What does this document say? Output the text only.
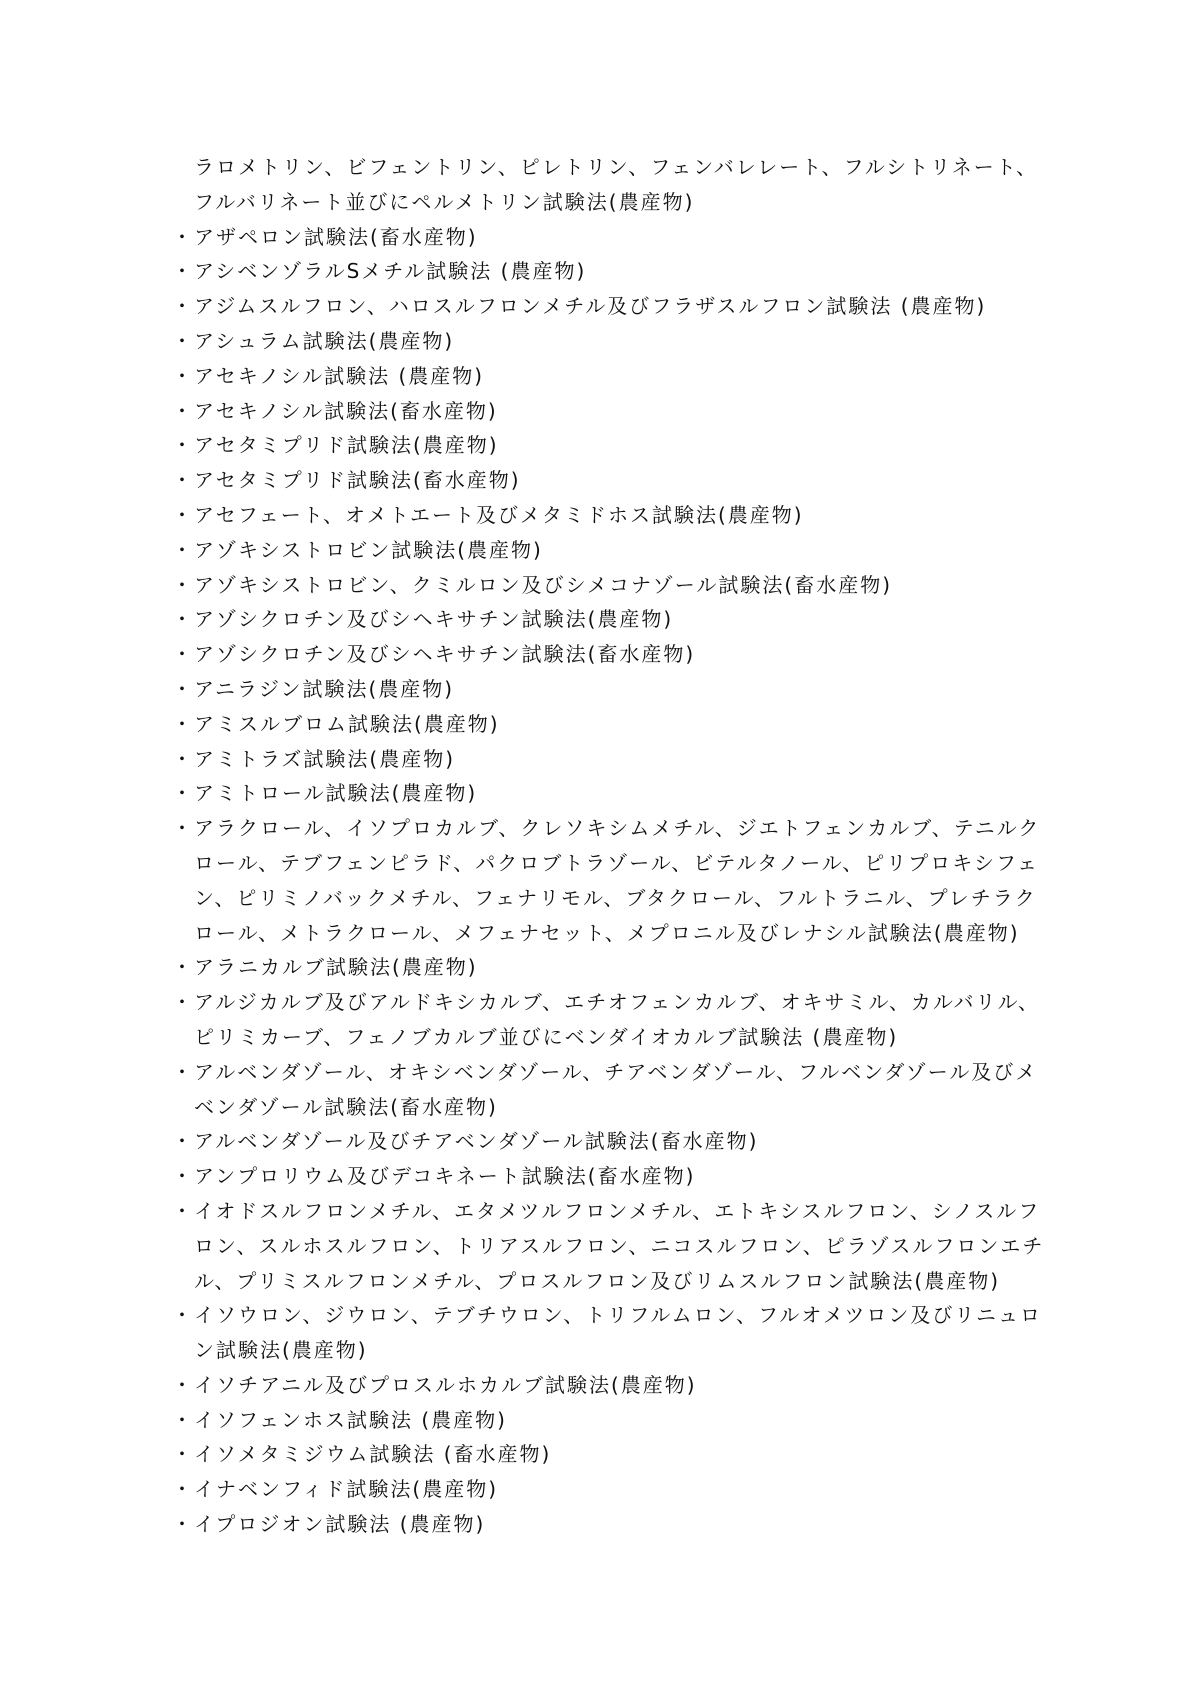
ラロメトリン、ビフェントリン、ピレトリン、フェンバレレート、フルシトリネート、フルバリネート並びにペルメトリン試験法(農産物)

・ アザペロン試験法(畜水産物)
・ アシベンゾラルSメチル試験法 (農産物)
・ アジムスルフロン、ハロスルフロンメチル及びフラザスルフロン試験法 (農産物)
・ アシュラム試験法(農産物)
・ アセキノシル試験法 (農産物)
・ アセキノシル試験法(畜水産物)
・ アセタミプリド試験法(農産物)
・ アセタミプリド試験法(畜水産物)
・ アセフェート、オメトエート及びメタミドホス試験法(農産物)
・ アゾキシストロビン試験法(農産物)
・ アゾキシストロビン、クミルロン及びシメコナゾール試験法(畜水産物)
・ アゾシクロチン及びシヘキサチン試験法(農産物)
・ アゾシクロチン及びシヘキサチン試験法(畜水産物)
・ アニラジン試験法(農産物)
・ アミスルブロム試験法(農産物)
・ アミトラズ試験法(農産物)
・ アミトロール試験法(農産物)
・ アラクロール、イソプロカルブ、クレソキシムメチル、ジエトフェンカルブ、テニルクロール、テブフェンピラド、パクロブトラゾール、ビテルタノール、ピリプロキシフェン、ピリミノバックメチル、フェナリモル、ブタクロール、フルトラニル、プレチラクロール、メトラクロール、メフェナセット、メプロニル及びレナシル試験法(農産物)
・ アラニカルブ試験法(農産物)
・ アルジカルブ及びアルドキシカルブ、エチオフェンカルブ、オキサミル、カルバリル、ピリミカーブ、フェノブカルブ並びにベンダイオカルブ試験法 (農産物)
・ アルベンダゾール、オキシベンダゾール、チアベンダゾール、フルベンダゾール及びメベンダゾール試験法(畜水産物)
・ アルベンダゾール及びチアベンダゾール試験法(畜水産物)
・ アンプロリウム及びデコキネート試験法(畜水産物)
・ イオドスルフロンメチル、エタメツルフロンメチル、エトキシスルフロン、シノスルフロン、スルホスルフロン、トリアスルフロン、ニコスルフロン、ピラゾスルフロンエチル、プリミスルフロンメチル、プロスルフロン及びリムスルフロン試験法(農産物)
・ イソウロン、ジウロン、テブチウロン、トリフルムロン、フルオメツロン及びリニュロン試験法(農産物)
・ イソチアニル及びプロスルホカルブ試験法(農産物)
・ イソフェンホス試験法 (農産物)
・ イソメタミジウム試験法 (畜水産物)
・ イナベンフィド試験法(農産物)
・ イプロジオン試験法 (農産物)
